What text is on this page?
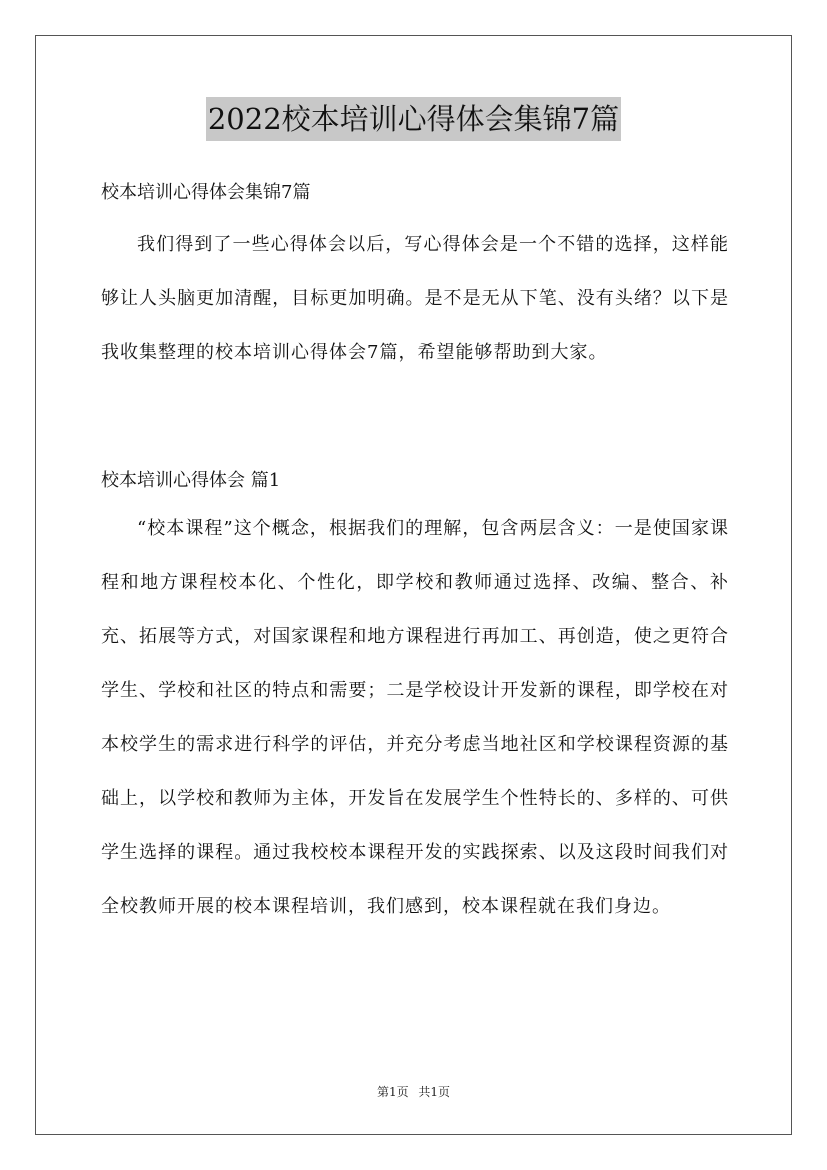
2022校本培训心得体会集锦7篇

校本培训心得体会集锦7篇

我们得到了一些心得体会以后，写心得体会是一个不错的选择，这样能够让人头脑更加清醒，目标更加明确。是不是无从下笔、没有头绪？以下是我收集整理的校本培训心得体会7篇，希望能够帮助到大家。

校本培训心得体会 篇1

“校本课程”这个概念，根据我们的理解，包含两层含义：一是使国家课程和地方课程校本化、个性化，即学校和教师通过选择、改编、整合、补充、拓展等方式，对国家课程和地方课程进行再加工、再创造，使之更符合学生、学校和社区的特点和需要；二是学校设计开发新的课程，即学校在对本校学生的需求进行科学的评估，并充分考虑当地社区和学校课程资源的基础上，以学校和教师为主体，开发旨在发展学生个性特长的、多样的、可供学生选择的课程。通过我校校本课程开发的实践探索、以及这段时间我们对全校教师开展的校本课程培训，我们感到，校本课程就在我们身边。

第1页 共1页
